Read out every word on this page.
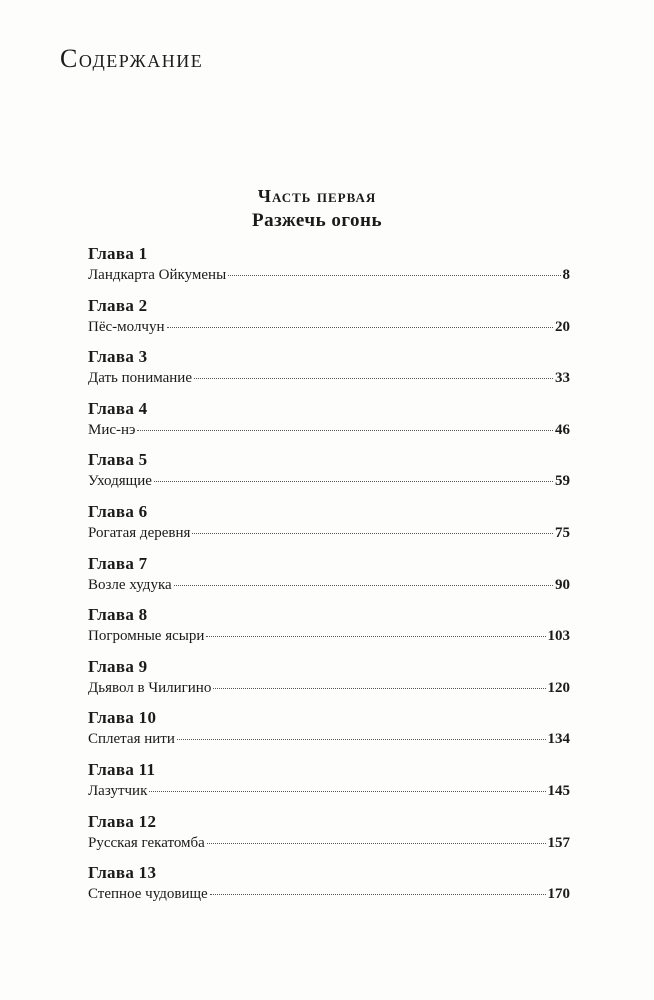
Содержание
Часть первая
Разжечь огонь
Глава 1
Ландкарта Ойкумены	8
Глава 2
Пёс-молчун	20
Глава 3
Дать понимание	33
Глава 4
Мис-нэ	46
Глава 5
Уходящие	59
Глава 6
Рогатая деревня	75
Глава 7
Возле худука	90
Глава 8
Погромные ясыри	103
Глава 9
Дьявол в Чилигино	120
Глава 10
Сплетая нити	134
Глава 11
Лазутчик	145
Глава 12
Русская гекатомба	157
Глава 13
Степное чудовище	170
